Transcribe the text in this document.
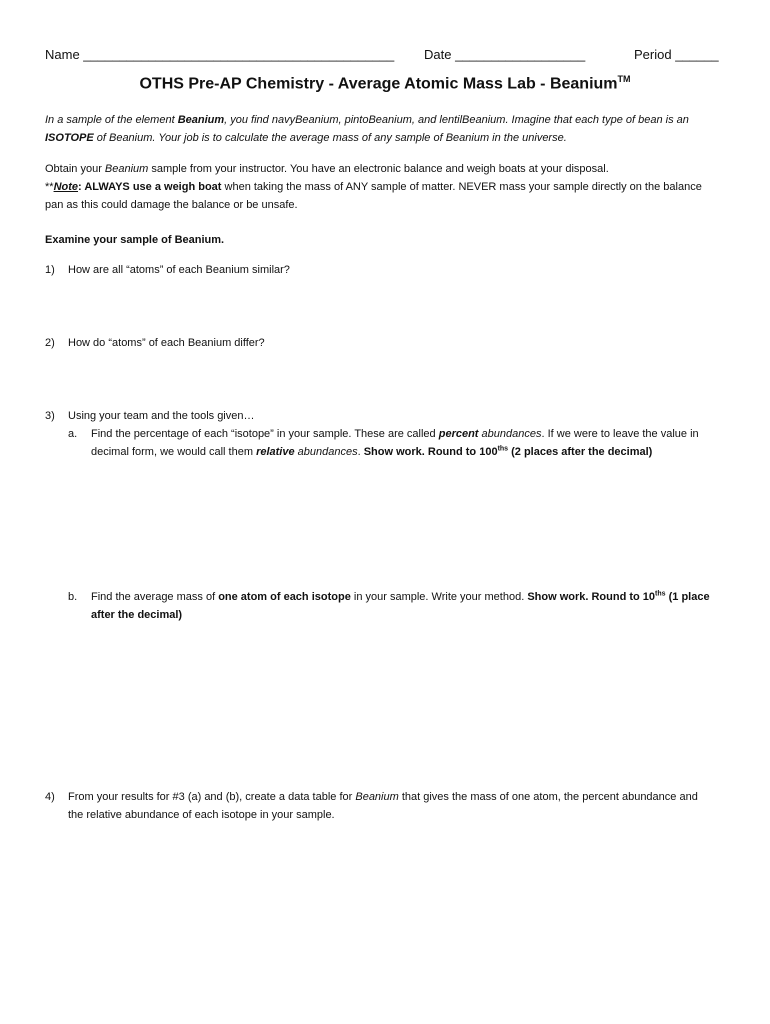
Name ___________________________________________ Date __________________	Period ______
OTHS Pre-AP Chemistry - Average Atomic Mass Lab - Beanium™
In a sample of the element Beanium, you find navyBeanium, pintoBeanium, and lentilBeanium. Imagine that each type of bean is an
ISOTOPE of Beanium. Your job is to calculate the average mass of any sample of Beanium in the universe.
Obtain your Beanium sample from your instructor. You have an electronic balance and weigh boats at your disposal.
**Note: ALWAYS use a weigh boat when taking the mass of ANY sample of matter. NEVER mass your sample directly on the balance
pan as this could damage the balance or be unsafe.
Examine your sample of Beanium.
1) How are all “atoms” of each Beanium similar?
2) How do “atoms” of each Beanium differ?
3) Using your team and the tools given…
a. Find the percentage of each “isotope” in your sample. These are called percent abundances. If we were to leave the value in
decimal form, we would call them relative abundances. Show work. Round to $100^{ths}$ (2 places after the decimal)
b. Find the average mass of one atom of each isotope in your sample. Write your method. Show work. Round to $10^{ths}$ (1 place
after the decimal)
4) From your results for #3 (a) and (b), create a data table for Beanium that gives the mass of one atom, the percent abundance and
the relative abundance of each isotope in your sample.
